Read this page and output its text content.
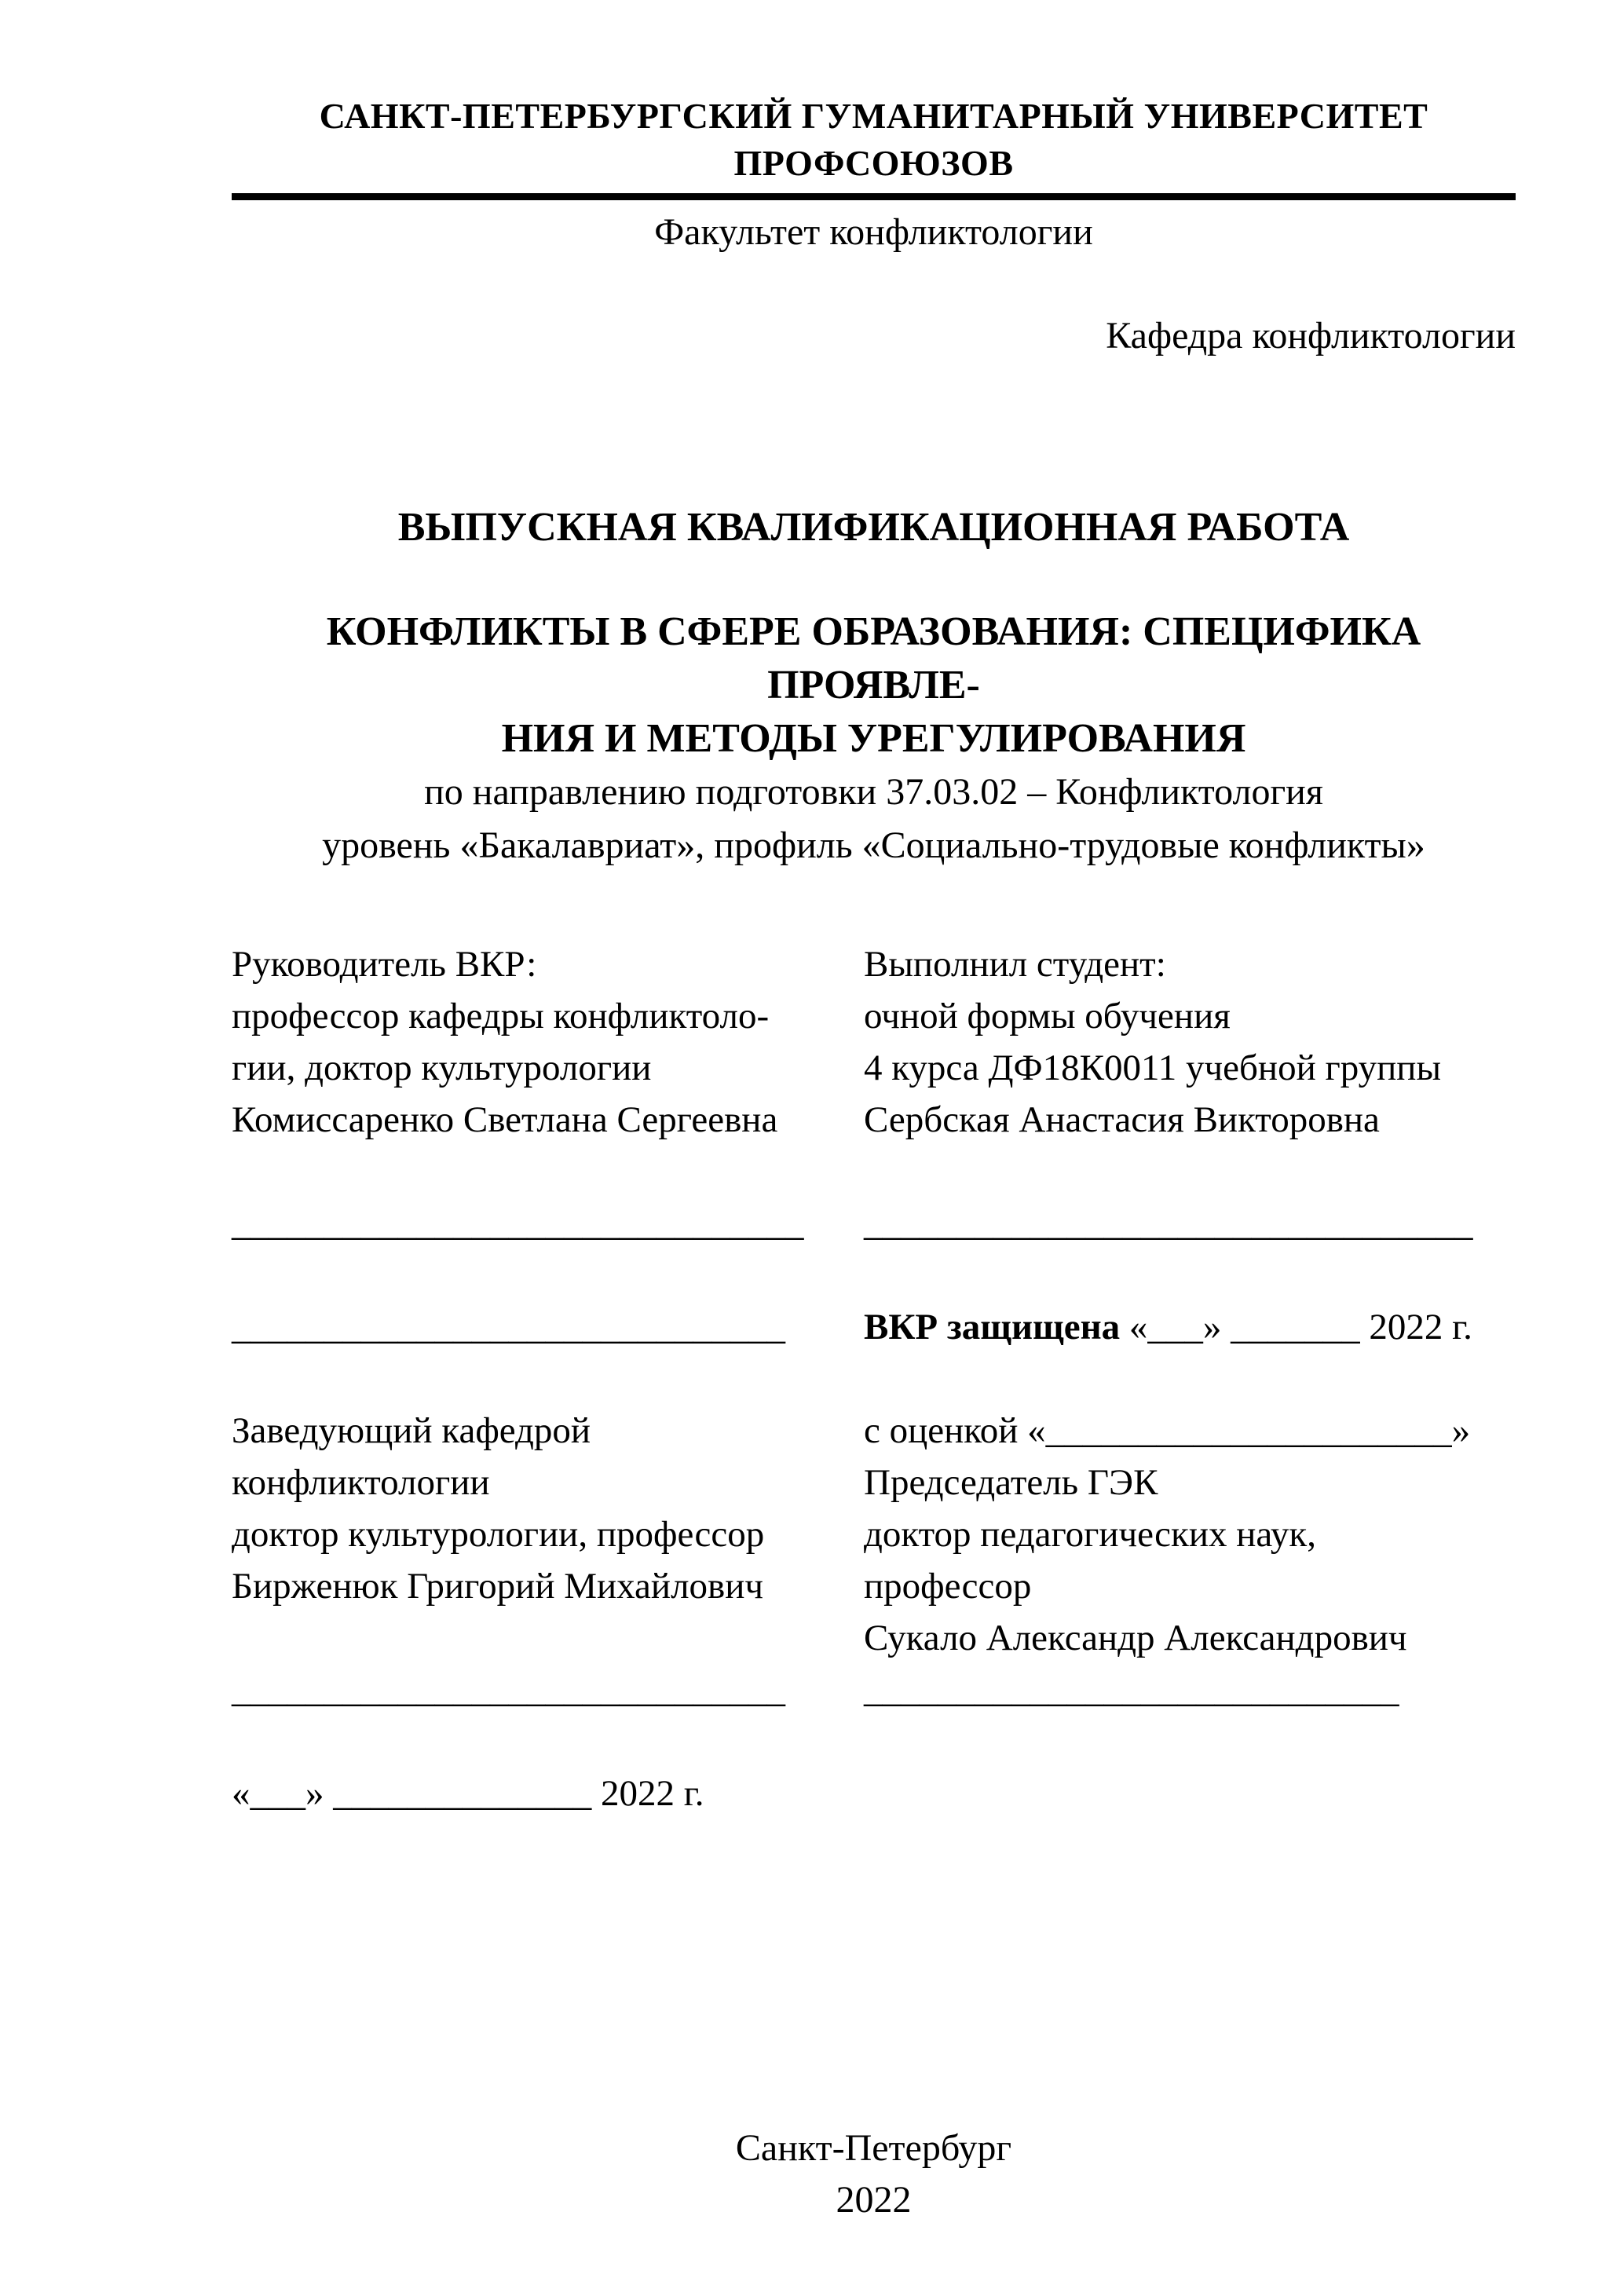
САНКТ-ПЕТЕРБУРГСКИЙ ГУМАНИТАРНЫЙ УНИВЕРСИТЕТ ПРОФСОЮЗОВ
Факультет конфликтологии
Кафедра конфликтологии
ВЫПУСКНАЯ КВАЛИФИКАЦИОННАЯ РАБОТА
КОНФЛИКТЫ В СФЕРЕ ОБРАЗОВАНИЯ: СПЕЦИФИКА ПРОЯВЛЕ-
НИЯ И МЕТОДЫ УРЕГУЛИРОВАНИЯ
по направлению подготовки 37.03.02 – Конфликтология
уровень «Бакалавриат», профиль «Социально-трудовые конфликты»
Руководитель ВКР:
профессор кафедры конфликтоло-
гии, доктор культурологии
Комиссаренко Светлана Сергеевна
_______________________________
______________________________
Заведующий кафедрой
конфликтологии
доктор культурологии, профессор
Бирженюк Григорий Михайлович
______________________________
«___» ______________ 2022 г.
Выполнил студент:
очной формы обучения
4 курса ДФ18К0011 учебной группы
Сербская Анастасия Викторовна
_________________________________
ВКР защищена «___» _______ 2022 г.
с оценкой «______________________»
Председатель ГЭК
доктор педагогических наук,
профессор
Сукало Александр Александрович
_____________________________
Санкт-Петербург
2022
